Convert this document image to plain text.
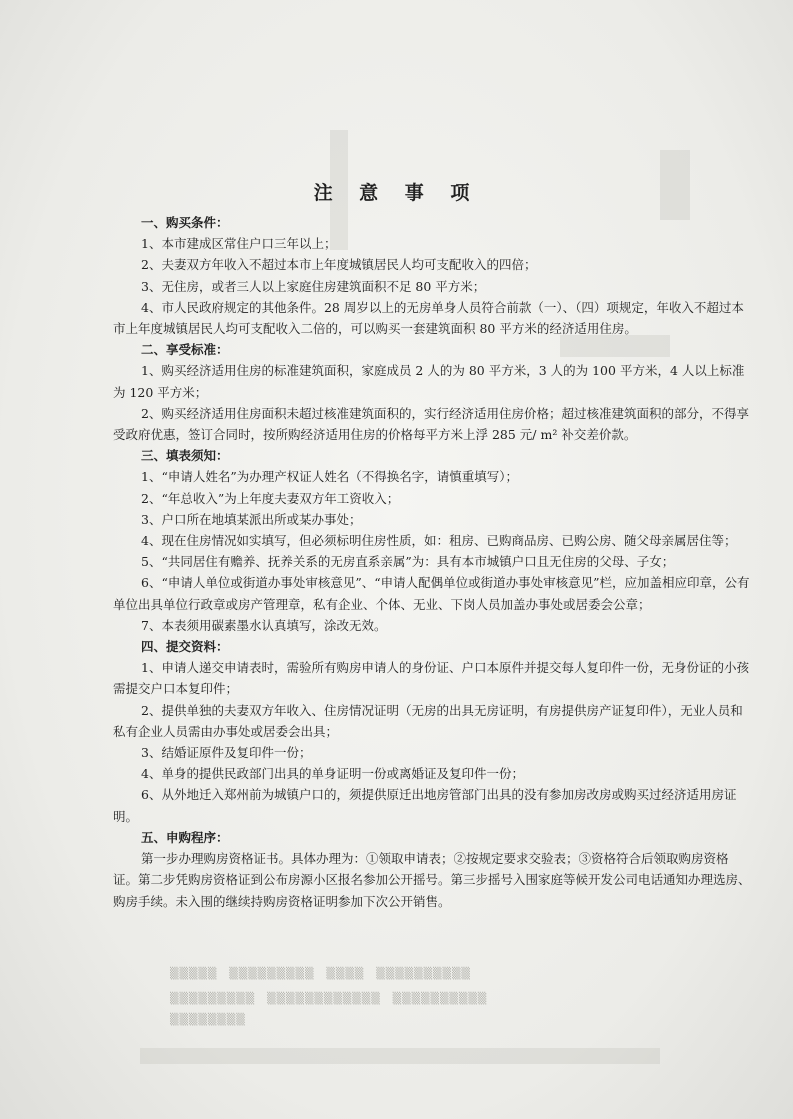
▒▒▒▒▒　▒▒▒▒▒▒▒▒▒　▒▒▒▒　▒▒▒▒▒▒▒▒▒▒
▒▒▒▒▒▒▒▒▒　▒▒▒▒▒▒▒▒▒▒▒▒　▒▒▒▒▒▒▒▒▒▒
▒▒▒▒▒▒▒▒
注 意 事 项
一、购买条件：
1、本市建成区常住户口三年以上；
2、夫妻双方年收入不超过本市上年度城镇居民人均可支配收入的四倍；
3、无住房，或者三人以上家庭住房建筑面积不足 80 平方米；
4、市人民政府规定的其他条件。28 周岁以上的无房单身人员符合前款（一）、（四）项规定，年收入不超过本市上年度城镇居民人均可支配收入二倍的，可以购买一套建筑面积 80 平方米的经济适用住房。
二、享受标准：
1、购买经济适用住房的标准建筑面积，家庭成员 2 人的为 80 平方米，3 人的为 100 平方米，4 人以上标准为 120 平方米；
2、购买经济适用住房面积未超过核准建筑面积的，实行经济适用住房价格；超过核准建筑面积的部分，不得享受政府优惠，签订合同时，按所购经济适用住房的价格每平方米上浮 285 元/ m² 补交差价款。
三、填表须知：
1、“申请人姓名”为办理产权证人姓名（不得换名字，请慎重填写）；
2、“年总收入”为上年度夫妻双方年工资收入；
3、户口所在地填某派出所或某办事处；
4、现在住房情况如实填写，但必须标明住房性质，如：租房、已购商品房、已购公房、随父母亲属居住等；
5、“共同居住有赡养、抚养关系的无房直系亲属”为：具有本市城镇户口且无住房的父母、子女；
6、“申请人单位或街道办事处审核意见”、“申请人配偶单位或街道办事处审核意见”栏，应加盖相应印章，公有单位出具单位行政章或房产管理章，私有企业、个体、无业、下岗人员加盖办事处或居委会公章；
7、本表须用碳素墨水认真填写，涂改无效。
四、提交资料：
1、申请人递交申请表时，需验所有购房申请人的身份证、户口本原件并提交每人复印件一份，无身份证的小孩需提交户口本复印件；
2、提供单独的夫妻双方年收入、住房情况证明（无房的出具无房证明，有房提供房产证复印件），无业人员和私有企业人员需由办事处或居委会出具；
3、结婚证原件及复印件一份；
4、单身的提供民政部门出具的单身证明一份或离婚证及复印件一份；
6、从外地迁入郑州前为城镇户口的，须提供原迁出地房管部门出具的没有参加房改房或购买过经济适用房证明。
五、申购程序：
第一步办理购房资格证书。具体办理为：①领取申请表；②按规定要求交验表；③资格符合后领取购房资格证。第二步凭购房资格证到公布房源小区报名参加公开摇号。第三步摇号入围家庭等候开发公司电话通知办理选房、购房手续。未入围的继续持购房资格证明参加下次公开销售。
